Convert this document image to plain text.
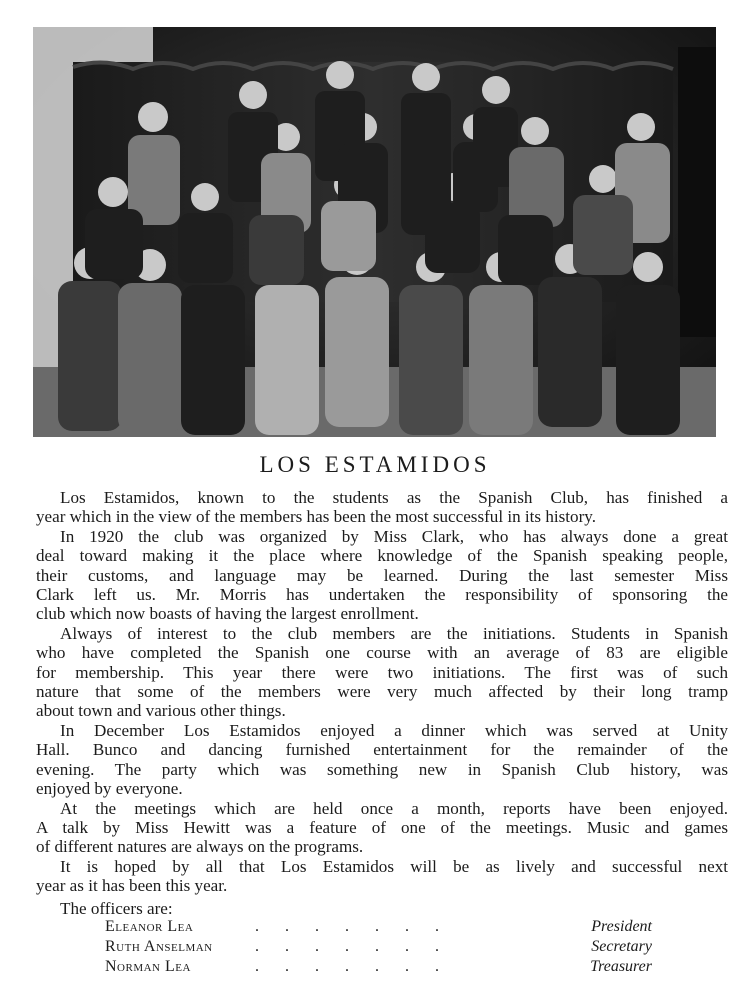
LOS ESTAMIDOS
Los Estamidos, known to the students as the Spanish Club, has finished a
year which in the view of the members has been the most successful in its history.
In 1920 the club was organized by Miss Clark, who has always done a great
deal toward making it the place where knowledge of the Spanish speaking people,
their customs, and language may be learned. During the last semester Miss
Clark left us. Mr. Morris has undertaken the responsibility of sponsoring the
club which now boasts of having the largest enrollment.
Always of interest to the club members are the initiations. Students in Spanish
who have completed the Spanish one course with an average of 83 are eligible
for membership. This year there were two initiations. The first was of such
nature that some of the members were very much affected by their long tramp
about town and various other things.
In December Los Estamidos enjoyed a dinner which was served at Unity
Hall. Bunco and dancing furnished entertainment for the remainder of the
evening. The party which was something new in Spanish Club history, was
enjoyed by everyone.
At the meetings which are held once a month, reports have been enjoyed.
A talk by Miss Hewitt was a feature of one of the meetings. Music and games
of different natures are always on the programs.
It is hoped by all that Los Estamidos will be as lively and successful next
year as it has been this year.
The officers are:
Eleanor Lea	.......	President
Ruth Anselman	.......	Secretary
Norman Lea	.......	Treasurer
